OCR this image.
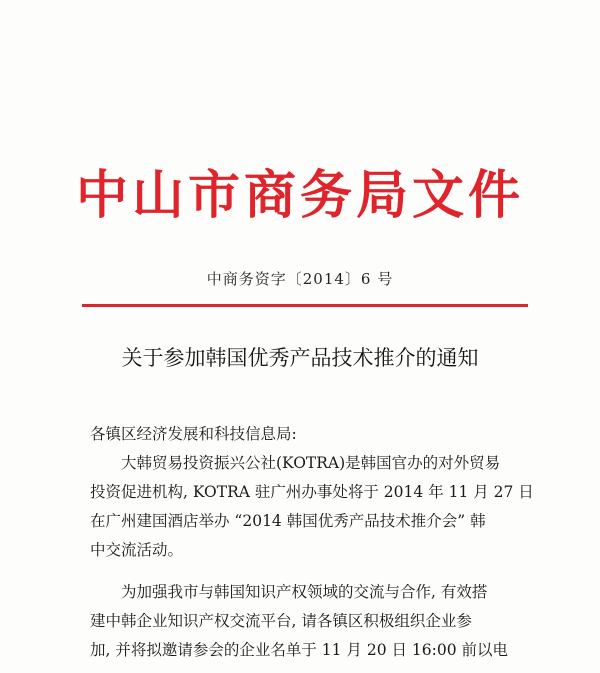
中山市商务局文件
中商务资字〔2014〕6 号
关于参加韩国优秀产品技术推介的通知

各镇区经济发展和科技信息局:

大韩贸易投资振兴公社(KOTRA)是韩国官办的对外贸易
投资促进机构, KOTRA 驻广州办事处将于 2014 年 11 月 27 日
在广州建国酒店举办 “2014 韩国优秀产品技术推介会” 韩
中交流活动。
为加强我市与韩国知识产权领域的交流与合作, 有效搭
建中韩企业知识产权交流平台, 请各镇区积极组织企业参
加, 并将拟邀请参会的企业名单于 11 月 20 日 16:00 前以电
